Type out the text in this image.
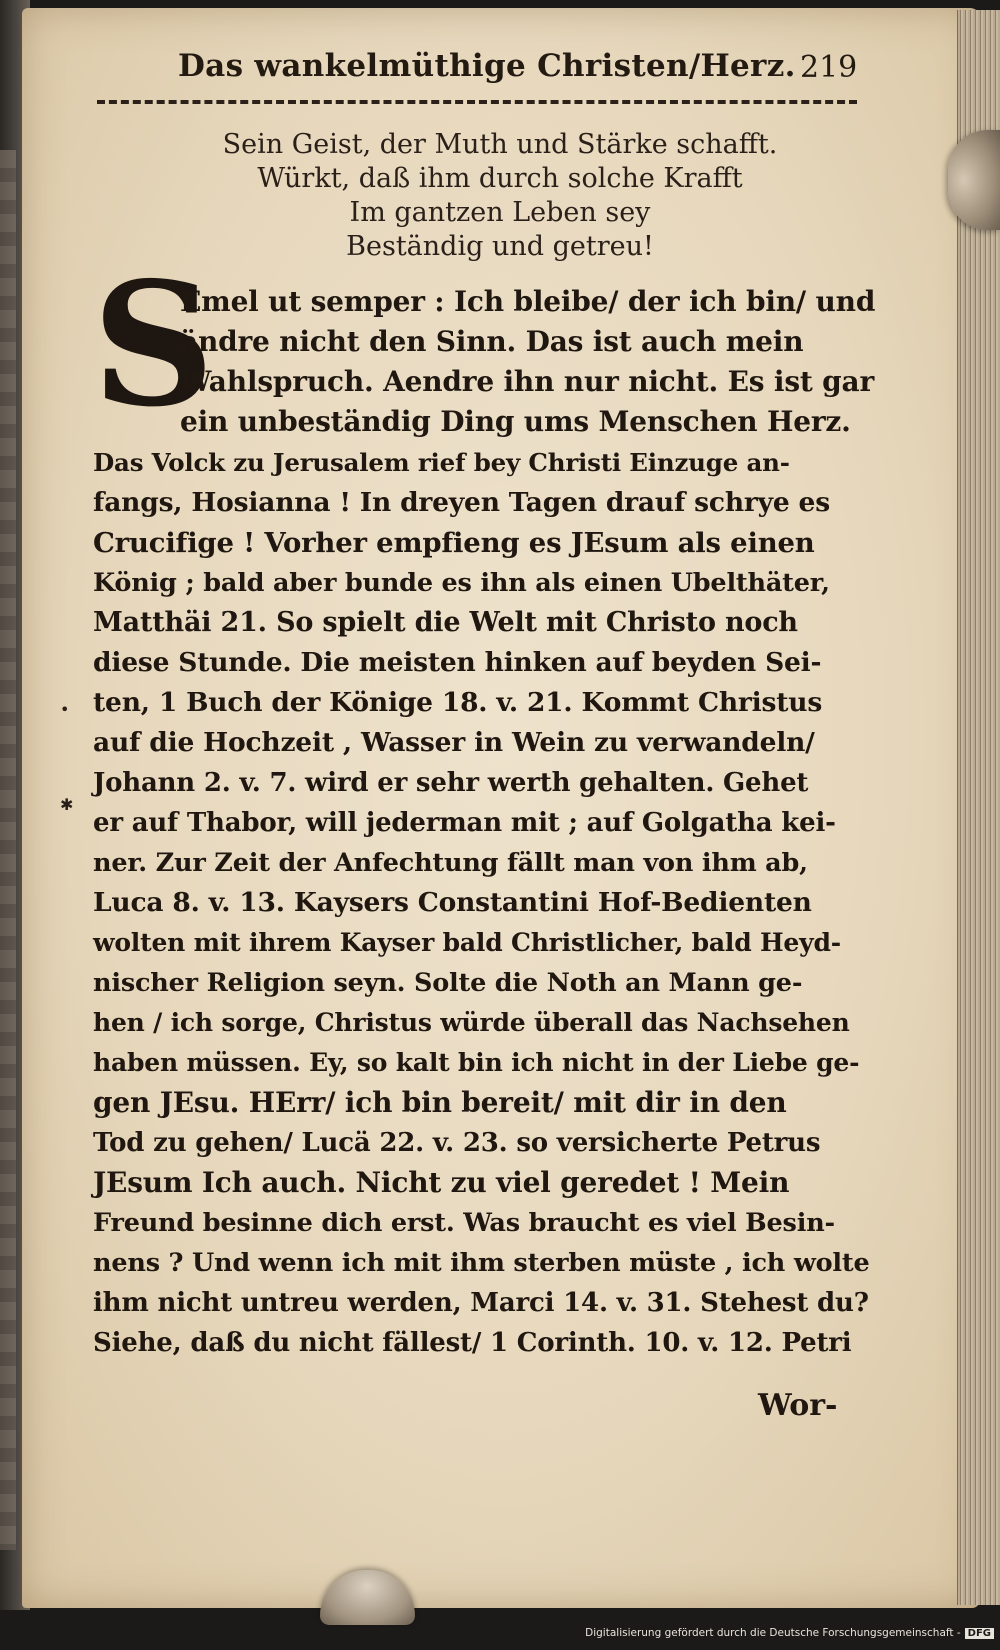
Das wankelmüthige Christen/Herz. 219
Sein Geist, der Muth und Stärke schafft.
Würkt, daß ihm durch solche Krafft
Im gantzen Leben sey
Beständig und getreu!
S
Emel ut semper : Ich bleibe/ der ich bin/ und
ändre nicht den Sinn. Das ist auch mein
Wahlspruch. Aendre ihn nur nicht. Es ist gar
ein unbeständig Ding ums Menschen Herz.
Das Volck zu Jerusalem rief bey Christi Einzuge an-
fangs, Hosianna ! In dreyen Tagen drauf schrye es
Crucifige ! Vorher empfieng es JEsum als einen
König ; bald aber bunde es ihn als einen Ubelthäter,
Matthäi 21. So spielt die Welt mit Christo noch
diese Stunde. Die meisten hinken auf beyden Sei-
ten, 1 Buch der Könige 18. v. 21. Kommt Christus
auf die Hochzeit , Wasser in Wein zu verwandeln/
Johann 2. v. 7. wird er sehr werth gehalten. Gehet
er auf Thabor, will jederman mit ; auf Golgatha kei-
ner. Zur Zeit der Anfechtung fällt man von ihm ab,
Luca 8. v. 13. Kaysers Constantini Hof-Bedienten
wolten mit ihrem Kayser bald Christlicher, bald Heyd-
nischer Religion seyn. Solte die Noth an Mann ge-
hen / ich sorge, Christus würde überall das Nachsehen
haben müssen. Ey, so kalt bin ich nicht in der Liebe ge-
gen JEsu. HErr/ ich bin bereit/ mit dir in den
Tod zu gehen/ Lucä 22. v. 23. so versicherte Petrus
JEsum Ich auch. Nicht zu viel geredet ! Mein
Freund besinne dich erst. Was braucht es viel Besin-
nens ? Und wenn ich mit ihm sterben müste , ich wolte
ihm nicht untreu werden, Marci 14. v. 31. Stehest du?
Siehe, daß du nicht fällest/ 1 Corinth. 10. v. 12. Petri
Wor-
•
✱
Digitalisierung gefördert durch die Deutsche Forschungsgemeinschaft - DFG
